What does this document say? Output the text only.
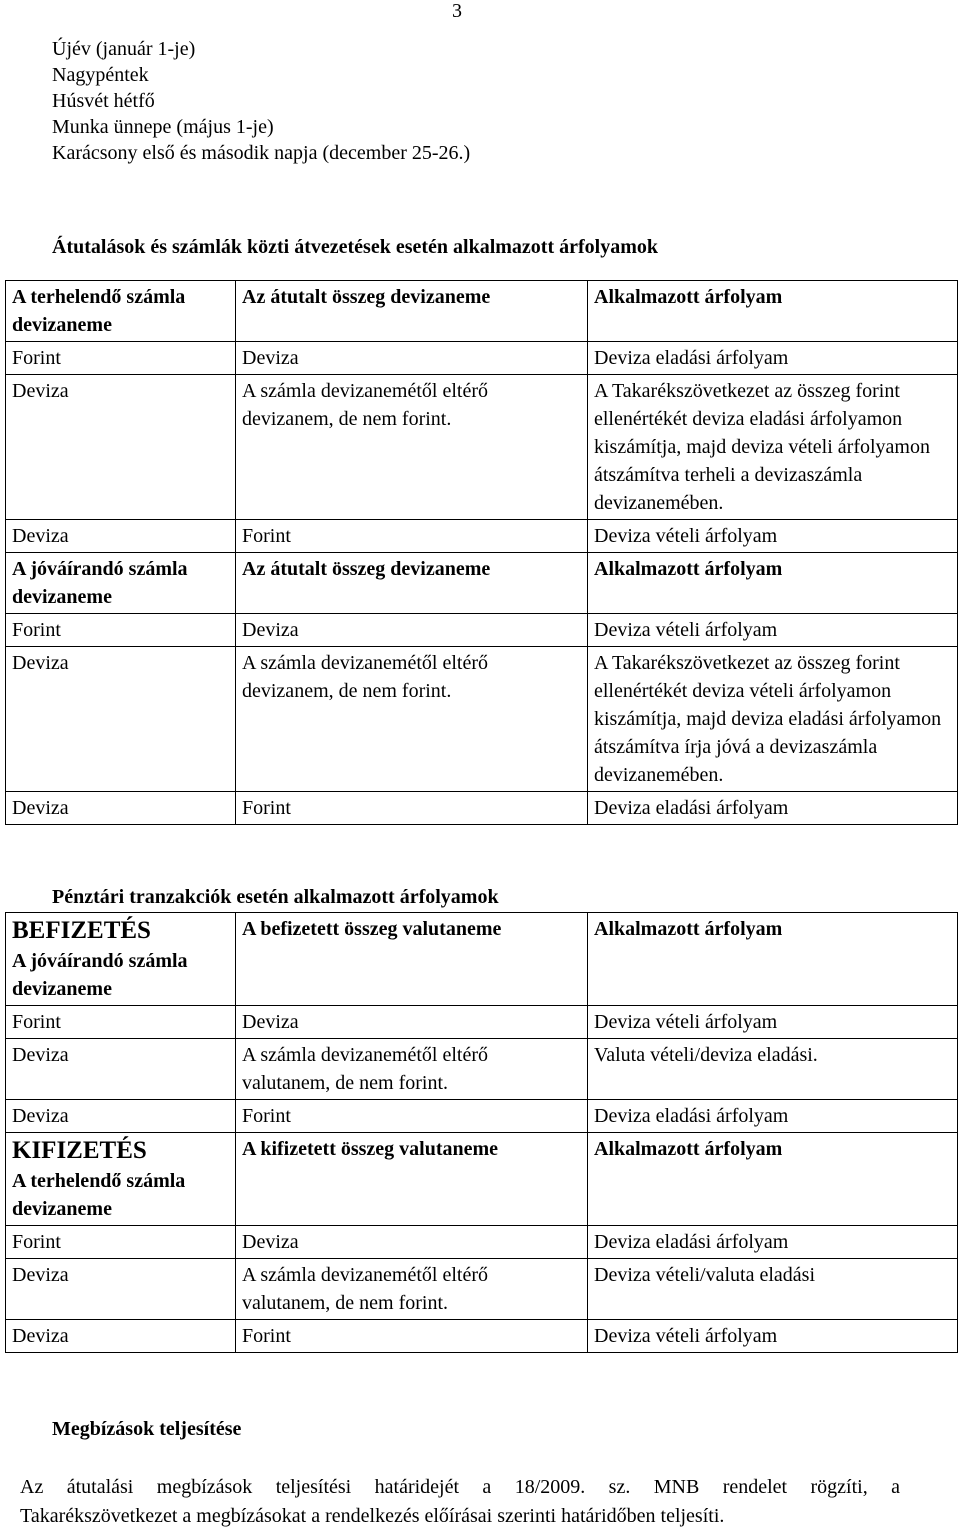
3
Újév (január 1-je)
Nagypéntek
Húsvét hétfő
Munka ünnepe (május 1-je)
Karácsony első és második napja (december 25-26.)
Átutalások és számlák közti átvezetések esetén alkalmazott árfolyamok
A terhelendő számla devizaneme	Az átutalt összeg devizaneme	Alkalmazott árfolyam
Forint	Deviza	Deviza eladási árfolyam
Deviza	A számla devizanemétől eltérő devizanem, de nem forint.	A Takarékszövetkezet az összeg forint ellenértékét deviza eladási árfolyamon kiszámítja, majd deviza vételi árfolyamon átszámítva terheli a devizaszámla devizanemében.
Deviza	Forint	Deviza vételi árfolyam
A jóváírandó számla devizaneme	Az átutalt összeg devizaneme	Alkalmazott árfolyam
Forint	Deviza	Deviza vételi árfolyam
Deviza	A számla devizanemétől eltérő devizanem, de nem forint.	A Takarékszövetkezet az összeg forint ellenértékét deviza vételi árfolyamon kiszámítja, majd deviza eladási árfolyamon átszámítva írja jóvá a devizaszámla devizanemében.
Deviza	Forint	Deviza eladási árfolyam
Pénztári tranzakciók esetén alkalmazott árfolyamok
BEFIZETÉS
A jóváírandó számla devizaneme	A befizetett összeg valutaneme	Alkalmazott árfolyam
Forint	Deviza	Deviza vételi árfolyam
Deviza	A számla devizanemétől eltérő valutanem, de nem forint.	Valuta vételi/deviza eladási.
Deviza	Forint	Deviza eladási árfolyam

KIFIZETÉS
A terhelendő számla devizaneme	A kifizetett összeg valutaneme	Alkalmazott árfolyam
Forint	Deviza	Deviza eladási árfolyam
Deviza	A számla devizanemétől eltérő valutanem, de nem forint.	Deviza vételi/valuta eladási
Deviza	Forint	Deviza vételi árfolyam
Megbízások teljesítése
Az átutalási megbízások teljesítési határidejét a 18/2009. sz. MNB rendelet rögzíti, a
Takarékszövetkezet a megbízásokat a rendelkezés előírásai szerinti határidőben teljesíti.
